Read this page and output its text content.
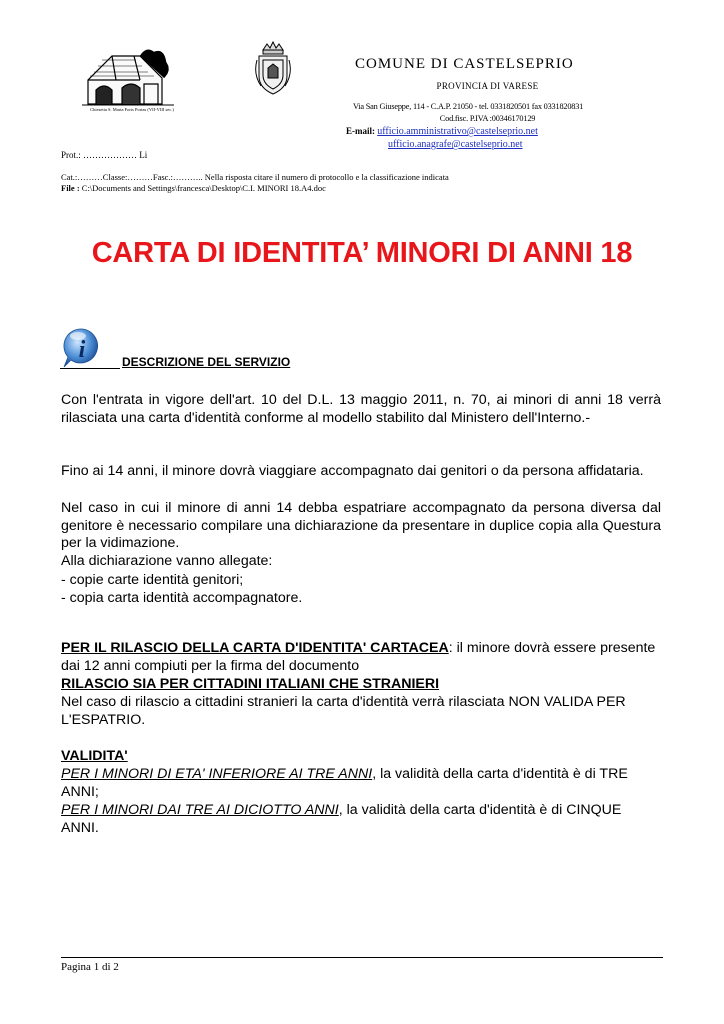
Chiesetta S. Maria Foris Portas (VII-VIII sec.)
COMUNE DI CASTELSEPRIO
PROVINCIA DI VARESE
Via San Giuseppe, 114 - C.A.P. 21050 - tel. 0331820501 fax 0331820831
Cod.fisc. P.IVA :00346170129
E-mail: ufficio.amministrativo@castelseprio.net
ufficio.anagrafe@castelseprio.net
Prot.: ……………… Li
Cat.:………Classe:………Fasc.:……….. Nella risposta citare il numero di protocollo e la classificazione indicata
File : C:\Documents and Settings\francesca\Desktop\C.I. MINORI 18.A4.doc
CARTA DI IDENTITA’ MINORI DI ANNI 18
i	DESCRIZIONE DEL SERVIZIO
Con l'entrata in vigore dell'art. 10 del D.L. 13 maggio 2011, n. 70, ai minori di anni 18 verrà rilasciata una carta d'identità conforme al modello stabilito dal Ministero dell'Interno.-
Fino ai 14 anni, il minore dovrà viaggiare accompagnato dai genitori o da persona affidataria.
Nel caso in cui il minore di anni 14 debba espatriare accompagnato da persona diversa dal genitore è necessario compilare una dichiarazione da presentare in duplice copia alla Questura per la vidimazione.
Alla dichiarazione vanno allegate:
- copie carte identità genitori;
- copia carta identità accompagnatore.
PER IL RILASCIO DELLA CARTA D'IDENTITA' CARTACEA: il minore dovrà essere presente dai 12 anni compiuti per la firma del documento
RILASCIO SIA PER CITTADINI ITALIANI CHE STRANIERI
Nel caso di rilascio a cittadini stranieri la carta d'identità verrà rilasciata NON VALIDA PER L'ESPATRIO.
VALIDITA'
PER I MINORI DI ETA' INFERIORE AI TRE ANNI, la validità della carta d'identità è di TRE ANNI;
PER I MINORI DAI TRE AI DICIOTTO ANNI, la validità della carta d'identità è di CINQUE ANNI.
Pagina 1 di 2
